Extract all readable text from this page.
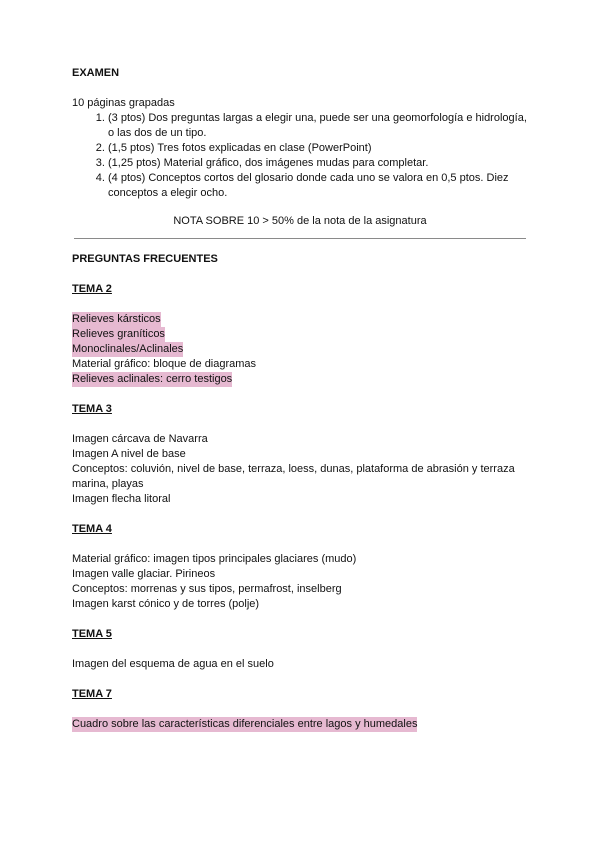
EXAMEN
10 páginas grapadas
1. (3 ptos) Dos preguntas largas a elegir una, puede ser una geomorfología e hidrología, o las dos de un tipo.
2. (1,5 ptos) Tres fotos explicadas en clase (PowerPoint)
3. (1,25 ptos) Material gráfico, dos imágenes mudas para completar.
4. (4 ptos) Conceptos cortos del glosario donde cada uno se valora en 0,5 ptos. Diez conceptos a elegir ocho.
NOTA SOBRE 10 > 50% de la nota de la asignatura
PREGUNTAS FRECUENTES
TEMA 2
Relieves kársticos
Relieves graníticos
Monoclinales/Aclinales
Material gráfico: bloque de diagramas
Relieves aclinales: cerro testigos
TEMA 3
Imagen cárcava de Navarra
Imagen A nivel de base
Conceptos: coluvión, nivel de base, terraza, loess, dunas, plataforma de abrasión y terraza marina, playas
Imagen flecha litoral
TEMA 4
Material gráfico: imagen tipos principales glaciares (mudo)
Imagen valle glaciar. Pirineos
Conceptos: morrenas y sus tipos, permafrost, inselberg
Imagen karst cónico y de torres (polje)
TEMA 5
Imagen del esquema de agua en el suelo
TEMA 7
Cuadro sobre las características diferenciales entre lagos y humedales
